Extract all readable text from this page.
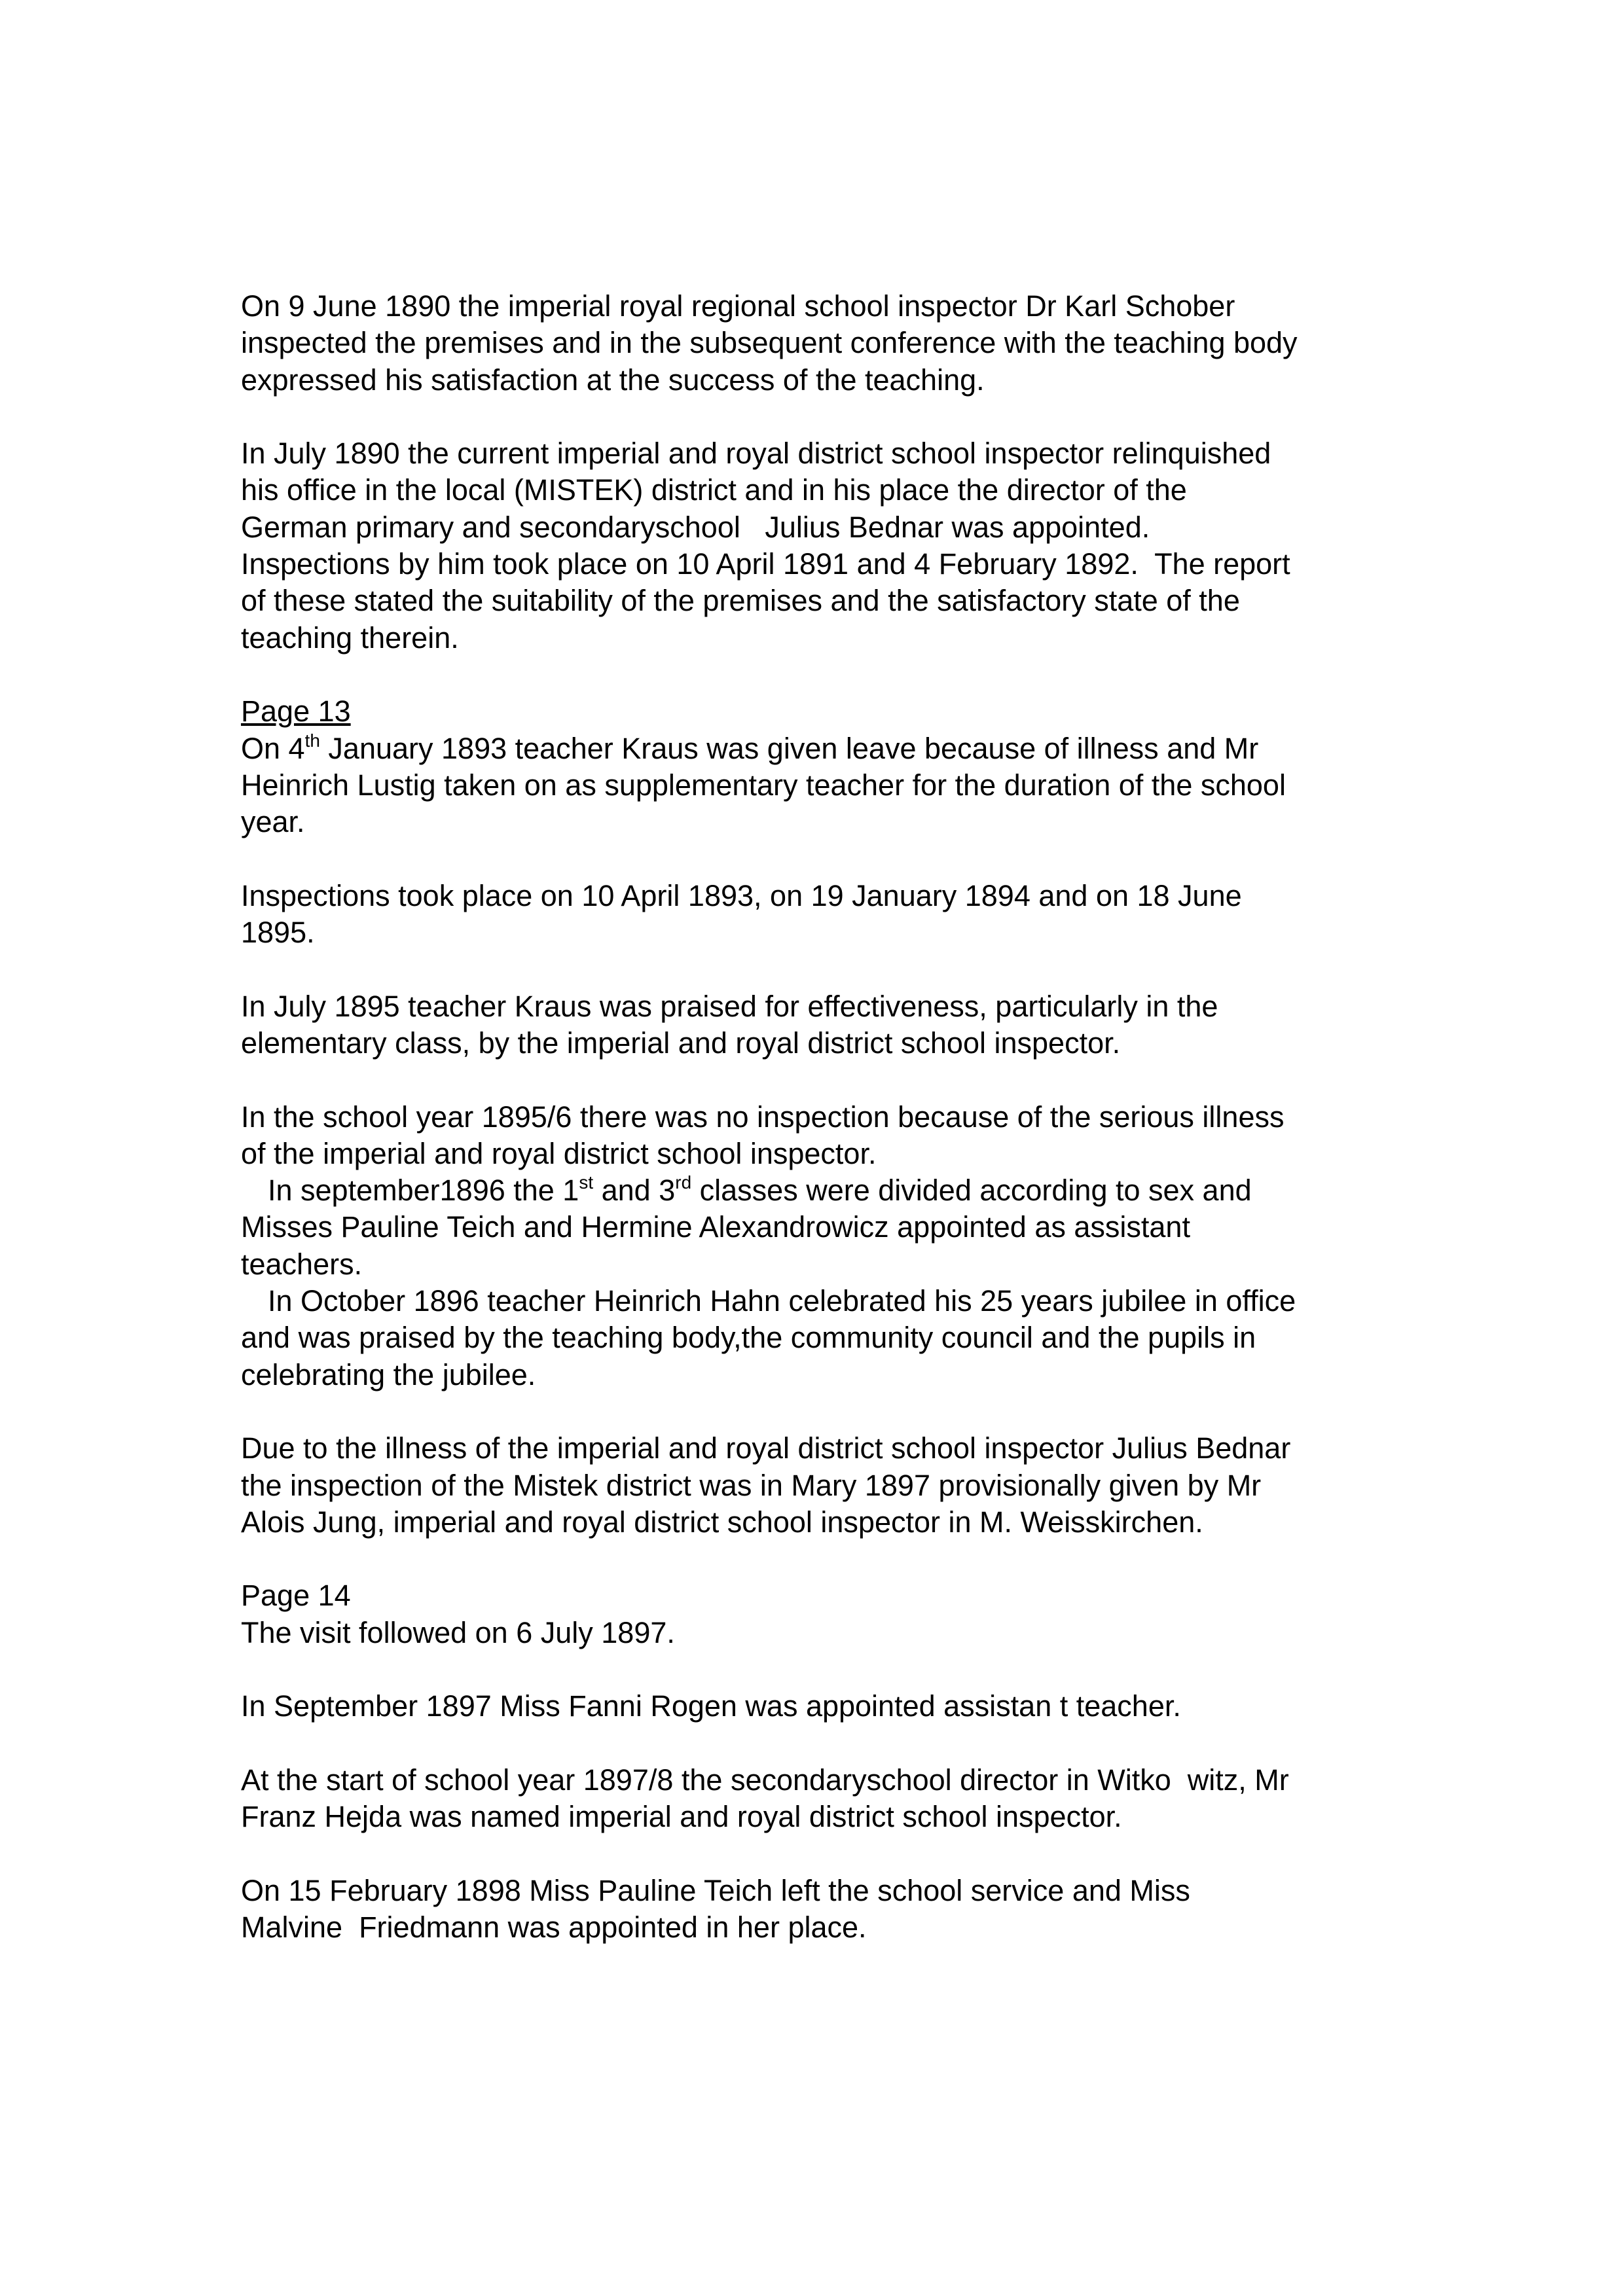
On 9 June 1890 the imperial royal regional school inspector Dr Karl Schober
inspected the premises and in the subsequent conference with the teaching body
expressed his satisfaction at the success of the teaching.
In July 1890 the current imperial and royal district school inspector relinquished
his office in the local (MISTEK) district and in his place the director of the
German primary and secondaryschool   Julius Bednar was appointed.
Inspections by him took place on 10 April 1891 and 4 February 1892.  The report
of these stated the suitability of the premises and the satisfactory state of the
teaching therein.
Page 13
On 4th January 1893 teacher Kraus was given leave because of illness and Mr
Heinrich Lustig taken on as supplementary teacher for the duration of the school
year.
Inspections took place on 10 April 1893, on 19 January 1894 and on 18 June
1895.
In July 1895 teacher Kraus was praised for effectiveness, particularly in the
elementary class, by the imperial and royal district school inspector.
In the school year 1895/6 there was no inspection because of the serious illness
of the imperial and royal district school inspector.
In september1896 the 1st and 3rd classes were divided according to sex and
Misses Pauline Teich and Hermine Alexandrowicz appointed as assistant
teachers.
In October 1896 teacher Heinrich Hahn celebrated his 25 years jubilee in office
and was praised by the teaching body,the community council and the pupils in
celebrating the jubilee.
Due to the illness of the imperial and royal district school inspector Julius Bednar
the inspection of the Mistek district was in Mary 1897 provisionally given by Mr
Alois Jung, imperial and royal district school inspector in M. Weisskirchen.
Page 14
The visit followed on 6 July 1897.
In September 1897 Miss Fanni Rogen was appointed assistan t teacher.
At the start of school year 1897/8 the secondaryschool director in Witko  witz, Mr
Franz Hejda was named imperial and royal district school inspector.
On 15 February 1898 Miss Pauline Teich left the school service and Miss
Malvine  Friedmann was appointed in her place.
